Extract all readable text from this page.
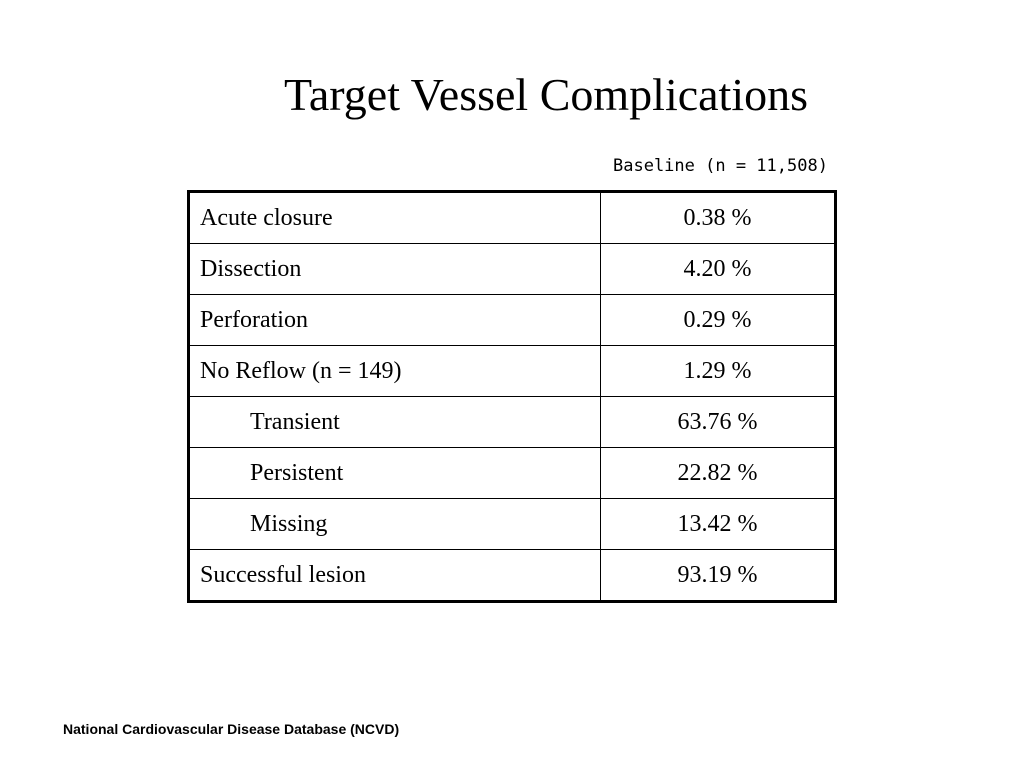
Target Vessel Complications
Baseline (n = 11,508)
Acute closure	0.38 %
Dissection	4.20 %
Perforation	0.29 %
No Reflow (n = 149)	1.29 %
Transient	63.76 %
Persistent	22.82 %
Missing	13.42 %
Successful lesion	93.19 %
National Cardiovascular Disease Database (NCVD)
